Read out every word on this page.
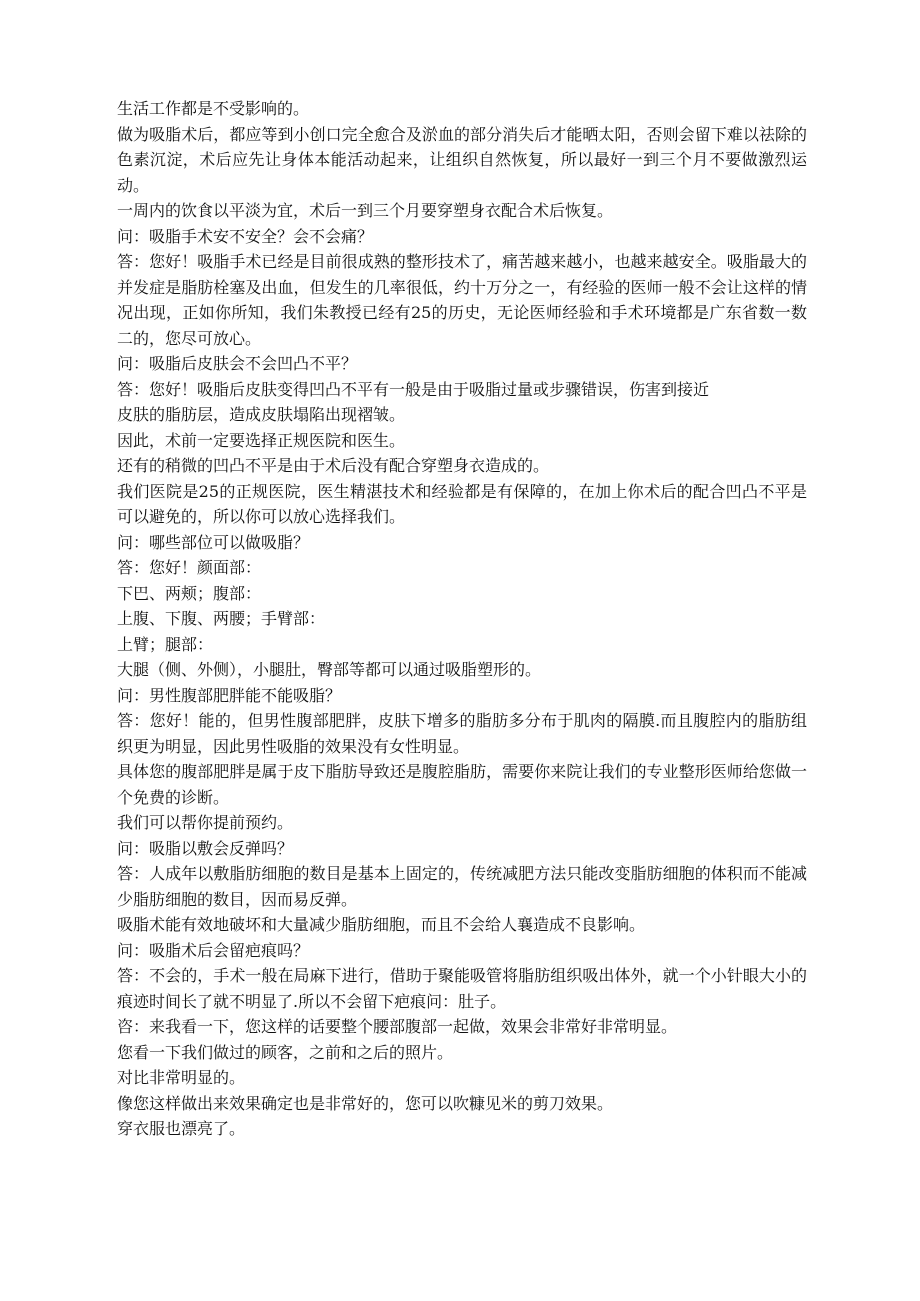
生活工作都是不受影响的。

做为吸脂术后，都应等到小创口完全愈合及淤血的部分消失后才能晒太阳，否则会留下难以祛除的色素沉淀，术后应先让身体本能活动起来，让组织自然恢复，所以最好一到三个月不要做激烈运动。

一周内的饮食以平淡为宜，术后一到三个月要穿塑身衣配合术后恢复。

问：吸脂手术安不安全？会不会痛？

答：您好！吸脂手术已经是目前很成熟的整形技术了，痛苦越来越小，也越来越安全。吸脂最大的并发症是脂肪栓塞及出血，但发生的几率很低，约十万分之一，有经验的医师一般不会让这样的情况出现，正如你所知，我们朱教授已经有25的历史，无论医师经验和手术环境都是广东省数一数二的，您尽可放心。

问：吸脂后皮肤会不会凹凸不平？

答：您好！吸脂后皮肤变得凹凸不平有一般是由于吸脂过量或步骤错误，伤害到接近

皮肤的脂肪层，造成皮肤塌陷出现褶皱。

因此，术前一定要选择正规医院和医生。

还有的稍微的凹凸不平是由于术后没有配合穿塑身衣造成的。

我们医院是25的正规医院，医生精湛技术和经验都是有保障的，在加上你术后的配合凹凸不平是可以避免的，所以你可以放心选择我们。

问：哪些部位可以做吸脂？

答：您好！颜面部：

下巴、两颊；腹部：

上腹、下腹、两腰；手臂部：

上臂；腿部：

大腿（侧、外侧），小腿肚，臀部等都可以通过吸脂塑形的。

问：男性腹部肥胖能不能吸脂？

答：您好！能的，但男性腹部肥胖，皮肤下增多的脂肪多分布于肌肉的隔膜.而且腹腔内的脂肪组织更为明显，因此男性吸脂的效果没有女性明显。

具体您的腹部肥胖是属于皮下脂肪导致还是腹腔脂肪，需要你来院让我们的专业整形医师给您做一个免费的诊断。

我们可以帮你提前预约。

问：吸脂以敷会反弹吗？

答：人成年以敷脂肪细胞的数目是基本上固定的，传统减肥方法只能改变脂肪细胞的体积而不能减少脂肪细胞的数目，因而易反弹。

吸脂术能有效地破坏和大量减少脂肪细胞，而且不会给人襄造成不良影响。

问：吸脂术后会留疤痕吗？

答：不会的，手术一般在局麻下进行，借助于聚能吸管将脂肪组织吸出体外，就一个小针眼大小的痕迹时间长了就不明显了.所以不会留下疤痕问：肚子。

咨：来我看一下，您这样的话要整个腰部腹部一起做，效果会非常好非常明显。

您看一下我们做过的顾客，之前和之后的照片。

对比非常明显的。

像您这样做出来效果确定也是非常好的，您可以吹糠见米的剪刀效果。

穿衣服也漂亮了。
